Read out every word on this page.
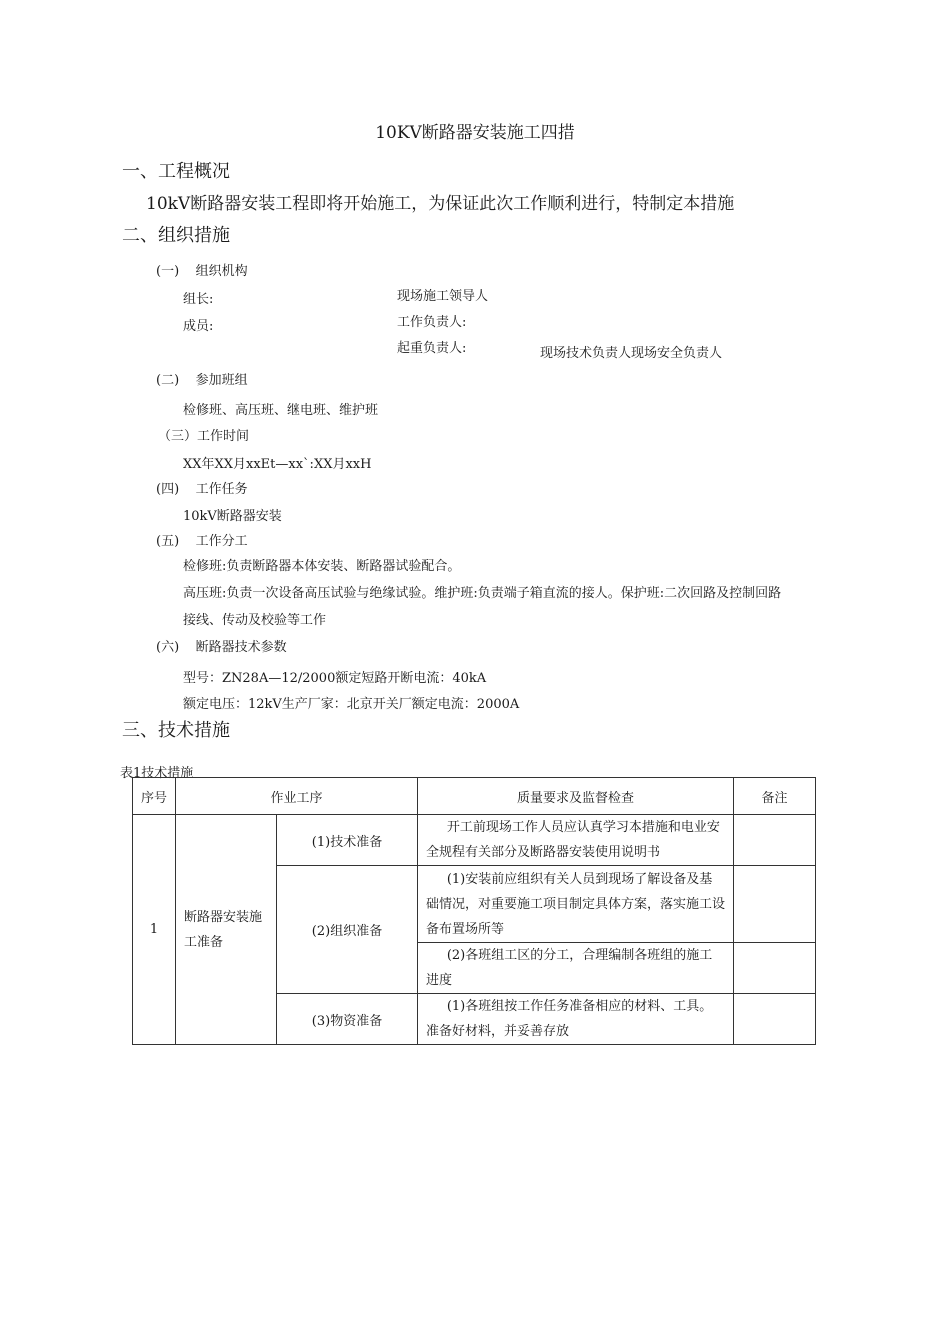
10KV断路器安装施工四措
一、工程概况
10kV断路器安装工程即将开始施工，为保证此次工作顺利进行，特制定本措施
二、组织措施
(一)    组织机构
组长:	现场施工领导人
成员:	工作负责人:
起重负责人:	现场技术负责人现场安全负责人
(二)    参加班组
检修班、高压班、继电班、维护班
（三）工作时间
XX年XX月xxEt—xx`:XX月xxH
(四)    工作任务
10kV断路器安装
(五)    工作分工
检修班:负责断路器本体安装、断路器试验配合。
高压班:负责一次设备高压试验与绝缘试验。维护班:负责端子箱直流的接人。保护班:二次回路及控制回路
接线、传动及校验等工作
(六)    断路器技术参数
型号：ZN28A—12/2000额定短路开断电流：40kA
额定电压：12kV生产厂家：北京开关厂额定电流：2000A
三、技术措施
表1技术措施
序号	作业工序		质量要求及监督检查	备注
1	断路器安装施工准备	(1)技术准备	开工前现场工作人员应认真学习本措施和电业安全规程有关部分及断路器安装使用说明书	
		(2)组织准备	(1)安装前应组织有关人员到现场了解设备及基础情况，对重要施工项目制定具体方案，落实施工设备布置场所等	
			(2)各班组工区的分工，合理编制各班组的施工进度	
		(3)物资准备	(1)各班组按工作任务准备相应的材料、工具。准备好材料，并妥善存放	
